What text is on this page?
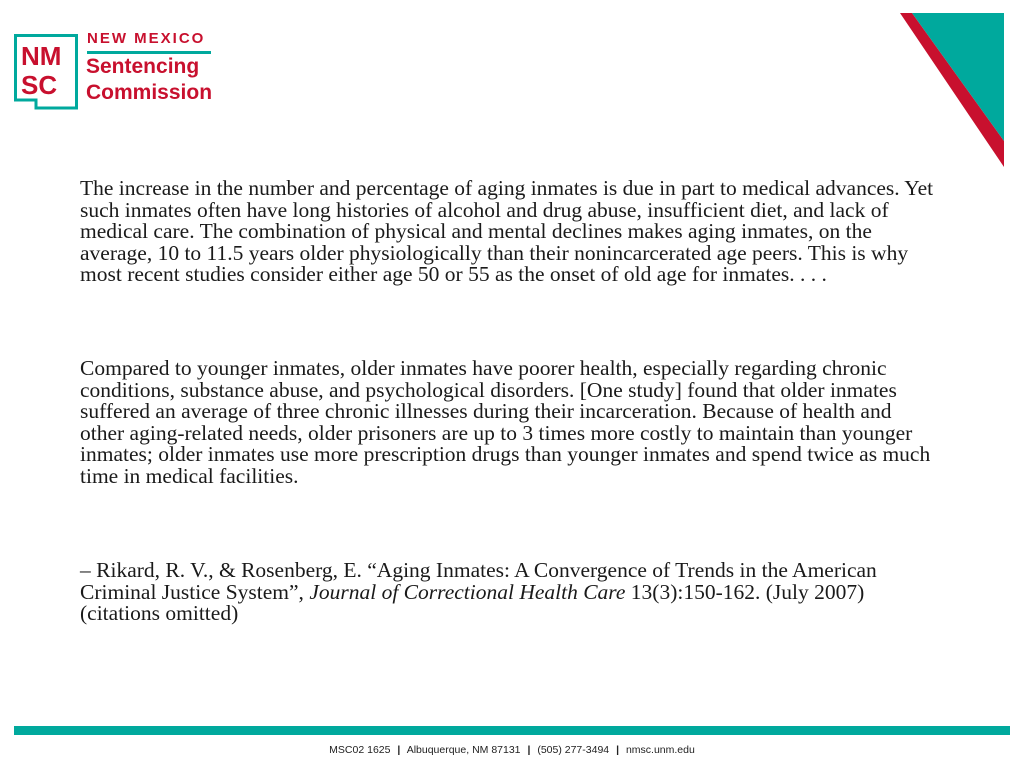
NM
SC
NEW MEXICO
Sentencing
Commission

The increase in the number and percentage of aging inmates is due in part to medical advances. Yet such inmates often have long histories of alcohol and drug abuse, insufficient diet, and lack of medical care. The combination of physical and mental declines makes aging inmates, on the average, 10 to 11.5 years older physiologically than their nonincarcerated age peers. This is why most recent studies consider either age 50 or 55 as the onset of old age for inmates. . . .

Compared to younger inmates, older inmates have poorer health, especially regarding chronic conditions, substance abuse, and psychological disorders. [One study] found that older inmates suffered an average of three chronic illnesses during their incarceration. Because of health and other aging-related needs, older prisoners are up to 3 times more costly to maintain than younger inmates; older inmates use more prescription drugs than younger inmates and spend twice as much time in medical facilities.

– Rikard, R. V., & Rosenberg, E. “Aging Inmates: A Convergence of Trends in the American Criminal Justice System”, Journal of Correctional Health Care 13(3):150-162. (July 2007) (citations omitted)

MSC02 1625 | Albuquerque, NM 87131 | (505) 277-3494 | nmsc.unm.edu
